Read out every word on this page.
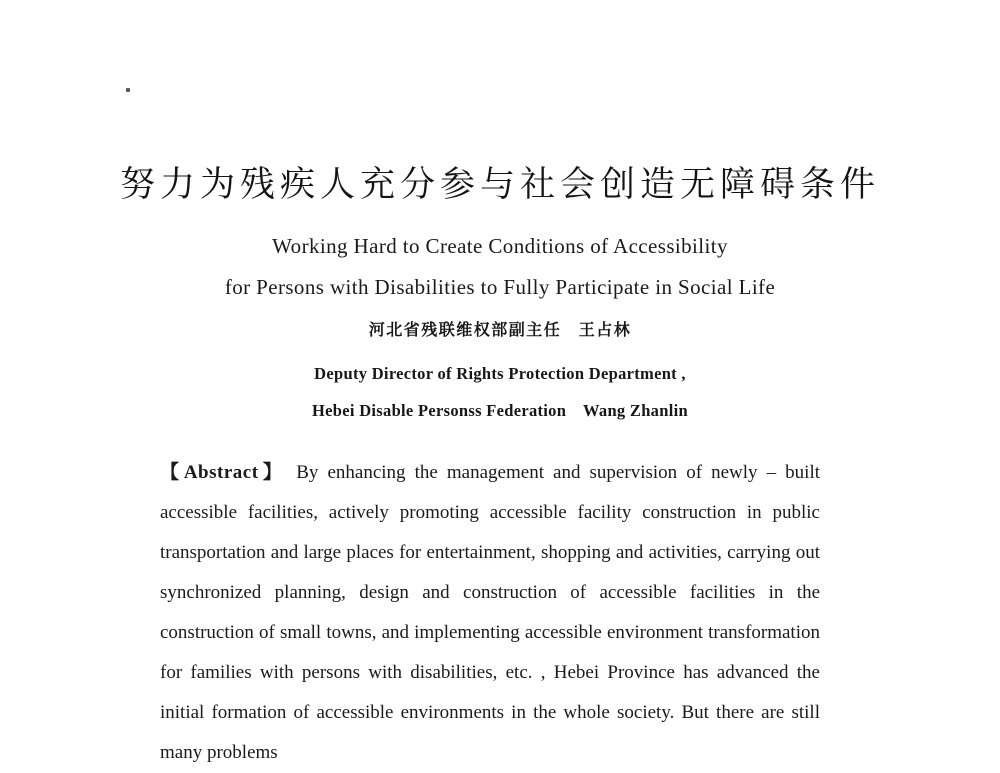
努力为残疾人充分参与社会创造无障碍条件
Working Hard to Create Conditions of Accessibility
for Persons with Disabilities to Fully Participate in Social Life
河北省残联维权部副主任　王占林
Deputy Director of Rights Protection Department ,
Hebei Disable Personss Federation　Wang Zhanlin

【Abstract】 By enhancing the management and supervision of newly – built accessible facilities, actively promoting accessible facility construction in public transportation and large places for entertainment, shopping and activities, carrying out synchronized planning, design and construction of accessible facilities in the construction of small towns, and implementing accessible environment transformation for families with persons with disabilities, etc. , Hebei Province has advanced the initial formation of accessible environments in the whole society. But there are still many problems
